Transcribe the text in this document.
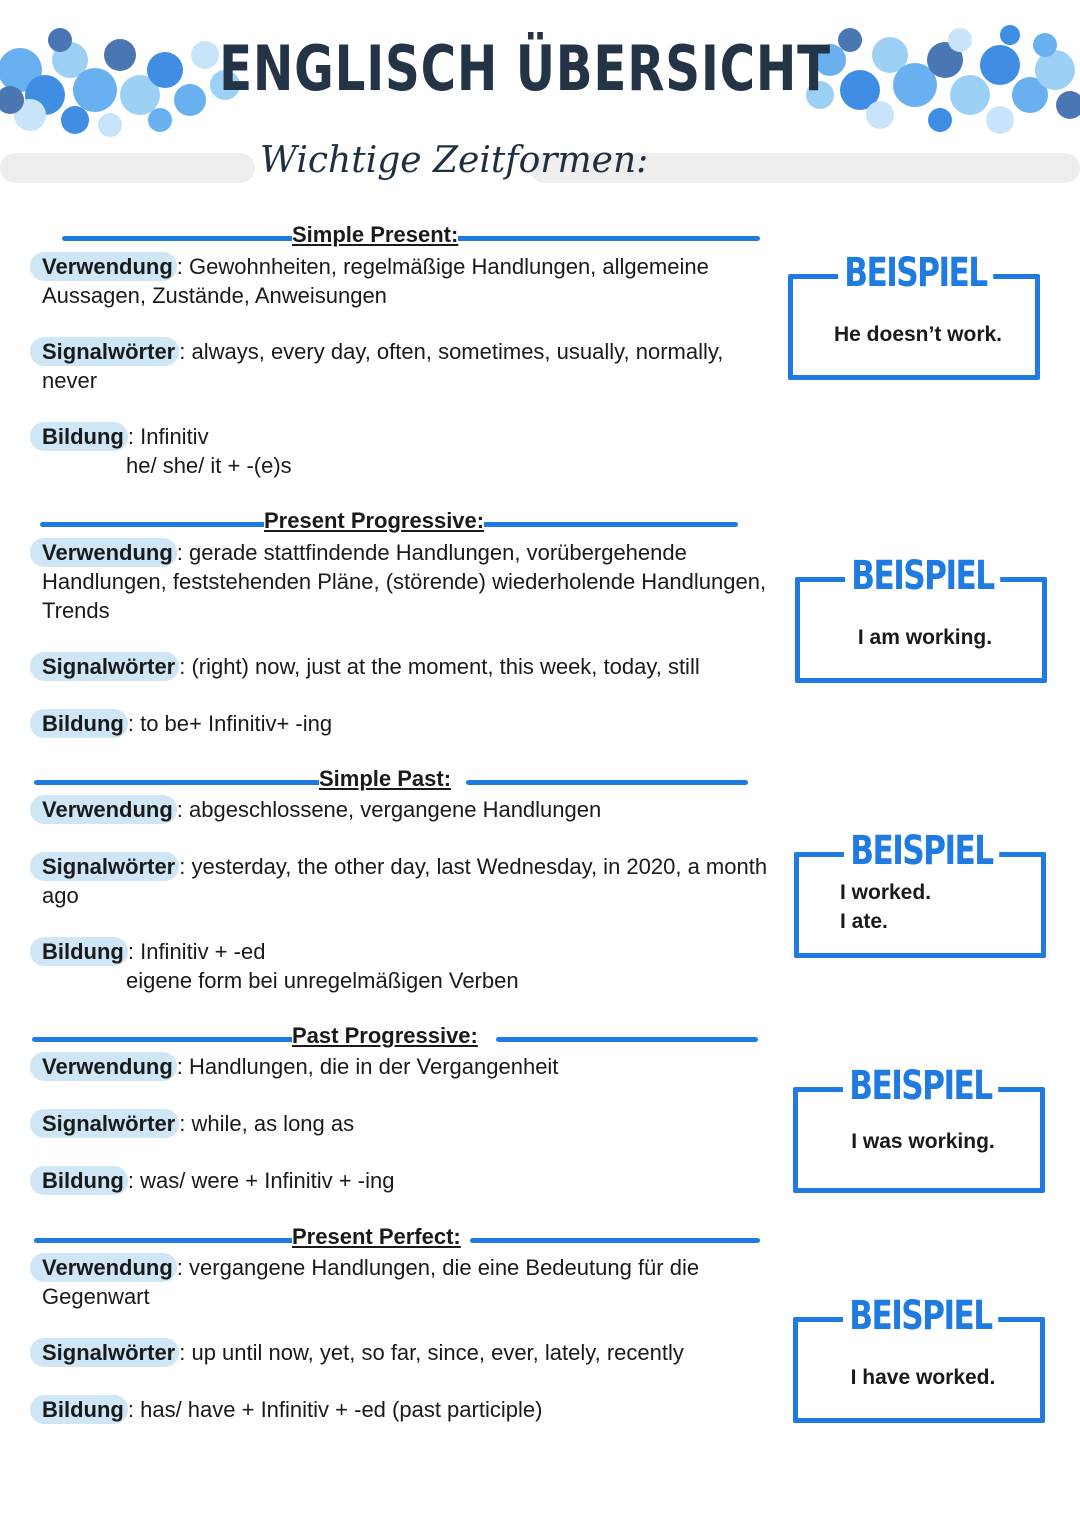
ENGLISCH ÜBERSICHT
Wichtige Zeitformen:
Simple Present:
Verwendung : Gewohnheiten, regelmäßige Handlungen, allgemeine Aussagen, Zustände, Anweisungen
Signalwörter : always, every day, often, sometimes, usually, normally, never
Bildung : Infinitiv
he/ she/ it + -(e)s
BEISPIEL
He doesn’t work.
Present Progressive:
Verwendung : gerade stattfindende Handlungen, vorübergehende Handlungen, feststehenden Pläne, (störende) wiederholende Handlungen, Trends
Signalwörter : (right) now, just at the moment, this week, today, still
Bildung : to be+ Infinitiv+ -ing
BEISPIEL
I am working.
Simple Past:
Verwendung : abgeschlossene, vergangene Handlungen
Signalwörter : yesterday, the other day, last Wednesday, in 2020, a month ago
Bildung : Infinitiv + -ed
eigene form bei unregelmäßigen Verben
BEISPIEL
I worked.
I ate.
Past Progressive:
Verwendung : Handlungen, die in der Vergangenheit
Signalwörter : while, as long as
Bildung : was/ were + Infinitiv + -ing
BEISPIEL
I was working.
Present Perfect:
Verwendung : vergangene Handlungen, die eine Bedeutung für die Gegenwart
Signalwörter : up until now, yet, so far, since, ever, lately, recently
Bildung : has/ have + Infinitiv + -ed (past participle)
BEISPIEL
I have worked.
